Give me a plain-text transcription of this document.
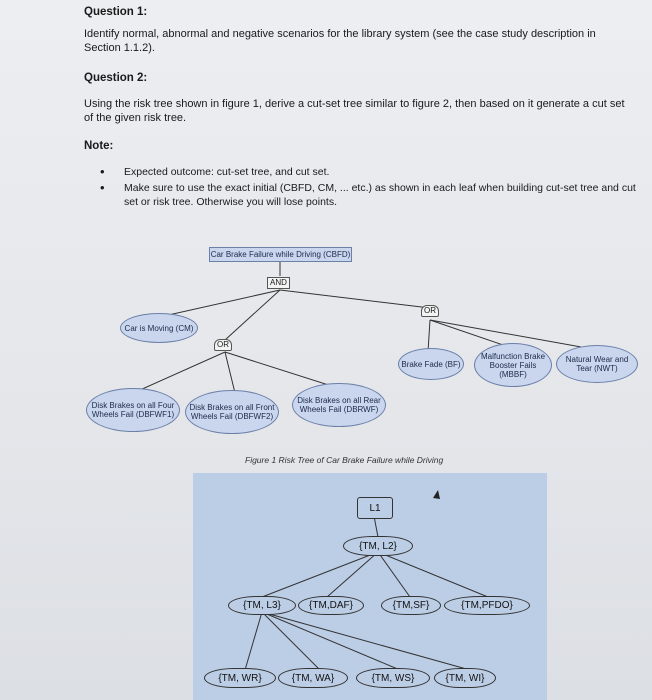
Question 1:
Identify normal, abnormal and negative scenarios for the library system (see the case study description in Section 1.1.2).
Question 2:
Using the risk tree shown in figure 1, derive a cut-set tree similar to figure 2, then based on it generate a cut set of the given risk tree.
Note:
• Expected outcome: cut-set tree, and cut set.
• Make sure to use the exact initial (CBFD, CM, ... etc.) as shown in each leaf when building cut-set tree and cut set or risk tree. Otherwise you will lose points.
Car Brake Failure while Driving (CBFD)
AND
OR
OR
Car is Moving (CM)
Disk Brakes on all Four Wheels Fail (DBFWF1)
Disk Brakes on all Front Wheels Fail (DBFWF2)
Disk Brakes on all Rear Wheels Fail (DBRWF)
Brake Fade (BF)
Malfunction Brake Booster Fails (MBBF)
Natural Wear and Tear (NWT)
Figure 1 Risk Tree of Car Brake Failure while Driving
L1
{TM, L2}
{TM, L3}	{TM,DAF}	{TM,SF}	{TM,PFDO}
{TM, WR}	{TM, WA}	{TM, WS}	{TM, WI}
